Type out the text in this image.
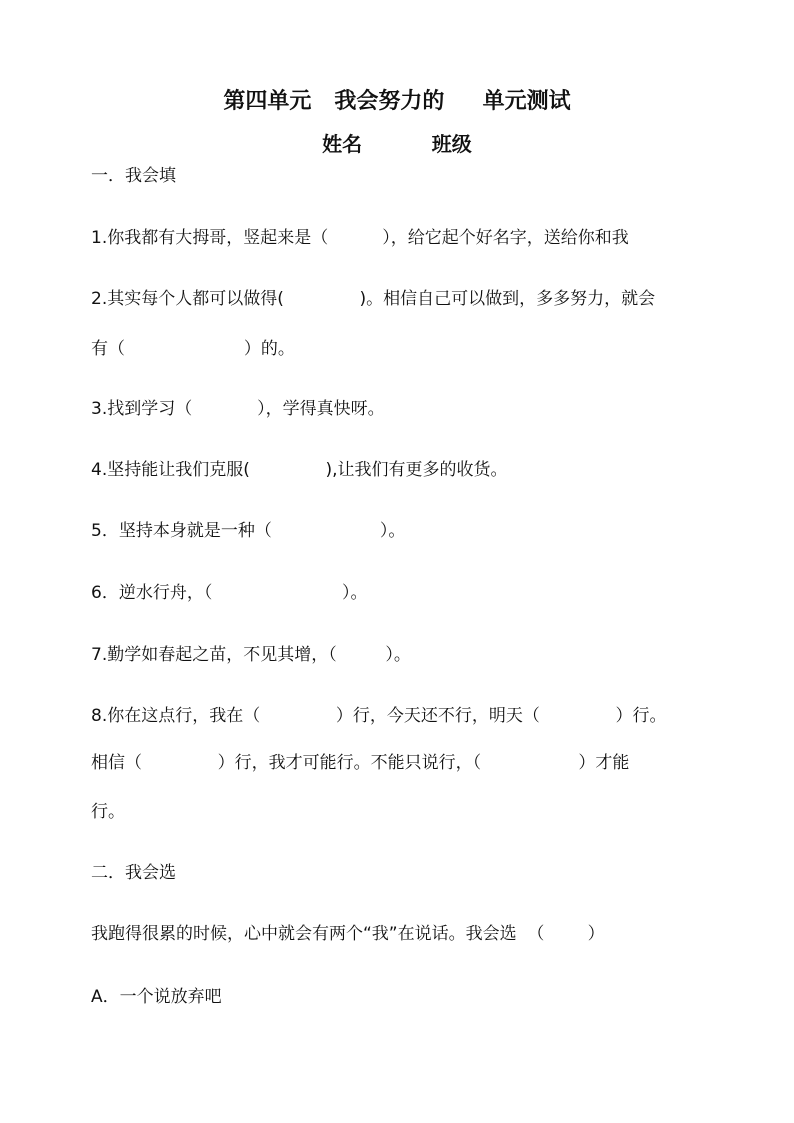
第四单元   我会努力的     单元测试
姓名          班级
一．我会填
1.你我都有大拇哥，竖起来是（          ），给它起个好名字，送给你和我
2.其实每个人都可以做得(              )。相信自己可以做到，多多努力，就会
有（                      ）的。
3.找到学习（            ），学得真快呀。
4.坚持能让我们克服(              ),让我们有更多的收货。
5．坚持本身就是一种（                    ）。
6．逆水行舟，（                        ）。
7.勤学如春起之苗，不见其增，（         ）。
8.你在这点行，我在（              ）行，今天还不行，明天（              ）行。
相信（              ）行，我才可能行。不能只说行，（                  ）才能
行。
二．我会选
我跑得很累的时候，心中就会有两个“我”在说话。我会选  （        ）
A．一个说放弃吧
